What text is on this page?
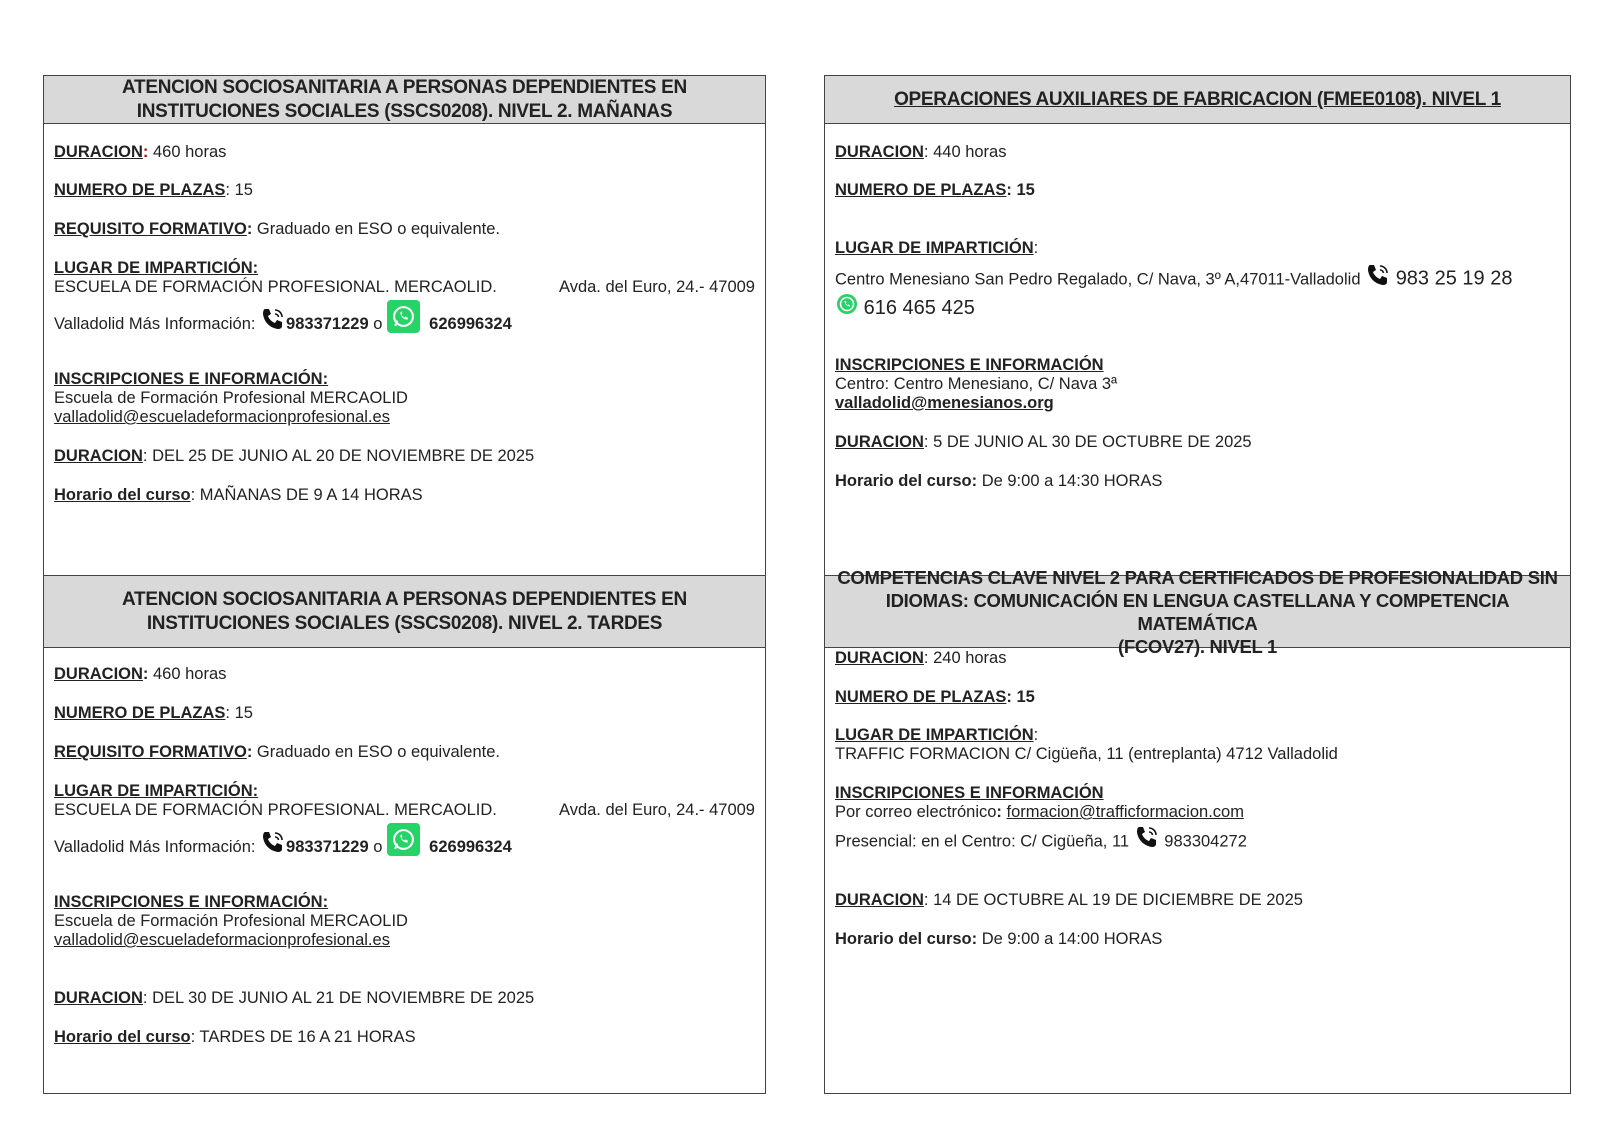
ATENCION SOCIOSANITARIA A PERSONAS DEPENDIENTES EN
INSTITUCIONES SOCIALES (SSCS0208). NIVEL 2. MAÑANAS
DURACION: 460 horas
NUMERO DE PLAZAS: 15
REQUISITO FORMATIVO: Graduado en ESO o equivalente.
LUGAR DE IMPARTICIÓN:
ESCUELA DE FORMACIÓN PROFESIONAL. MERCAOLID.	Avda. del Euro, 24.- 47009
Valladolid Más Información: 983371229 o	626996324
INSCRIPCIONES E INFORMACIÓN:
Escuela de Formación Profesional MERCAOLID
valladolid@escueladeformacionprofesional.es
DURACION: DEL 25 DE JUNIO AL 20 DE NOVIEMBRE DE 2025
Horario del curso: MAÑANAS DE 9 A 14 HORAS
ATENCION SOCIOSANITARIA A PERSONAS DEPENDIENTES EN
INSTITUCIONES SOCIALES (SSCS0208). NIVEL 2. TARDES
DURACION: 460 horas
NUMERO DE PLAZAS: 15
REQUISITO FORMATIVO: Graduado en ESO o equivalente.
LUGAR DE IMPARTICIÓN:
ESCUELA DE FORMACIÓN PROFESIONAL. MERCAOLID.	Avda. del Euro, 24.- 47009
Valladolid Más Información: 983371229 o	626996324
INSCRIPCIONES E INFORMACIÓN:
Escuela de Formación Profesional MERCAOLID
valladolid@escueladeformacionprofesional.es
DURACION: DEL 30 DE JUNIO AL 21 DE NOVIEMBRE DE 2025
Horario del curso: TARDES DE 16 A 21 HORAS
OPERACIONES AUXILIARES DE FABRICACION (FMEE0108). NIVEL 1
DURACION: 440 horas
NUMERO DE PLAZAS: 15
LUGAR DE IMPARTICIÓN:
Centro Menesiano San Pedro Regalado, C/ Nava, 3º A,47011-Valladolid 983 25 19 28
616 465 425
INSCRIPCIONES E INFORMACIÓN
Centro: Centro Menesiano, C/ Nava 3ª
valladolid@menesianos.org
DURACION: 5 DE JUNIO AL 30 DE OCTUBRE DE 2025
Horario del curso: De 9:00 a 14:30 HORAS
COMPETENCIAS CLAVE NIVEL 2 PARA CERTIFICADOS DE PROFESIONALIDAD SIN
IDIOMAS: COMUNICACIÓN EN LENGUA CASTELLANA Y COMPETENCIA MATEMÁTICA
(FCOV27). NIVEL 1
DURACION: 240 horas
NUMERO DE PLAZAS: 15
LUGAR DE IMPARTICIÓN:
TRAFFIC FORMACION C/ Cigüeña, 11 (entreplanta) 4712 Valladolid
INSCRIPCIONES E INFORMACIÓN
Por correo electrónico: formacion@trafficformacion.com
Presencial: en el Centro: C/ Cigüeña, 11  983304272
DURACION: 14 DE OCTUBRE AL 19 DE DICIEMBRE DE 2025
Horario del curso: De 9:00 a 14:00 HORAS
